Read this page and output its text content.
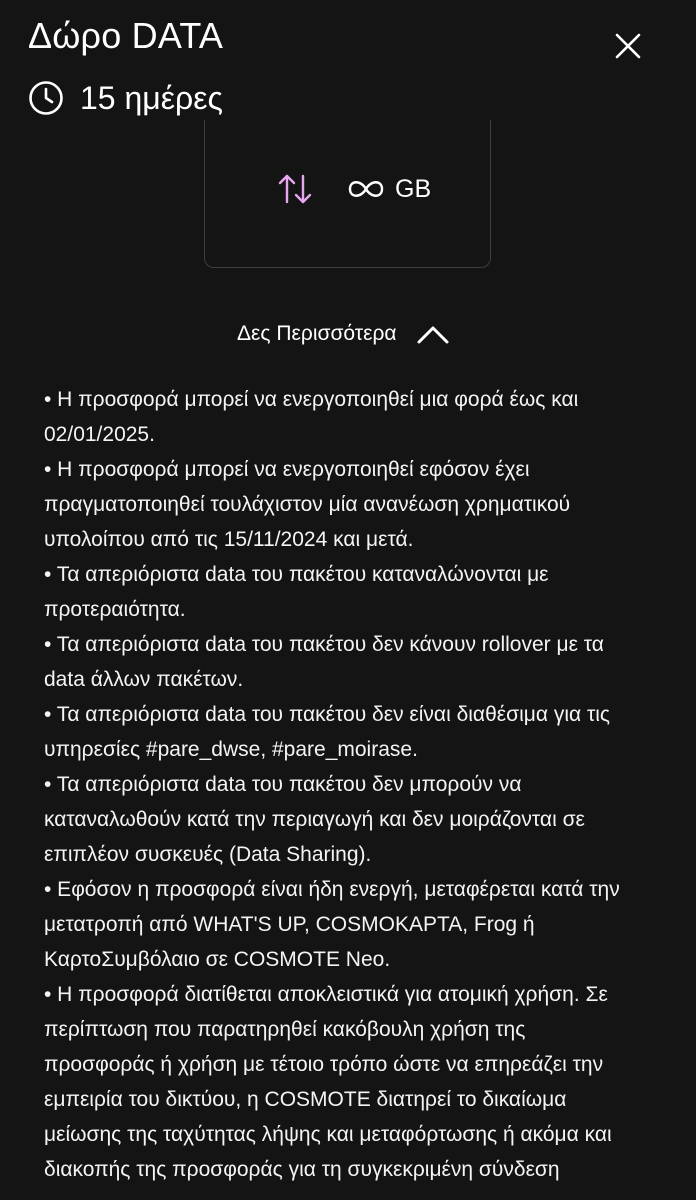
Δώρο DATA
15 ημέρες
GB
Δες Περισσότερα
• Η προσφορά μπορεί να ενεργοποιηθεί μια φορά έως και
02/01/2025.
• Η προσφορά μπορεί να ενεργοποιηθεί εφόσον έχει
πραγματοποιηθεί τουλάχιστον μία ανανέωση χρηματικού
υπολοίπου από τις 15/11/2024 και μετά.
• Τα απεριόριστα data του πακέτου καταναλώνονται με
προτεραιότητα.
• Τα απεριόριστα data του πακέτου δεν κάνουν rollover με τα
data άλλων πακέτων.
• Τα απεριόριστα data του πακέτου δεν είναι διαθέσιμα για τις
υπηρεσίες #pare_dwse, #pare_moirase.
• Τα απεριόριστα data του πακέτου δεν μπορούν να
καταναλωθούν κατά την περιαγωγή και δεν μοιράζονται σε
επιπλέον συσκευές (Data Sharing).
• Εφόσον η προσφορά είναι ήδη ενεργή, μεταφέρεται κατά την
μετατροπή από WHAT'S UP, COSMOKAPTA, Frog ή
ΚαρτοΣυμβόλαιο σε COSMOTE Neo.
• Η προσφορά διατίθεται αποκλειστικά για ατομική χρήση. Σε
περίπτωση που παρατηρηθεί κακόβουλη χρήση της
προσφοράς ή χρήση με τέτοιο τρόπο ώστε να επηρεάζει την
εμπειρία του δικτύου, η COSMOTE διατηρεί το δικαίωμα
μείωσης της ταχύτητας λήψης και μεταφόρτωσης ή ακόμα και
διακοπής της προσφοράς για τη συγκεκριμένη σύνδεση
